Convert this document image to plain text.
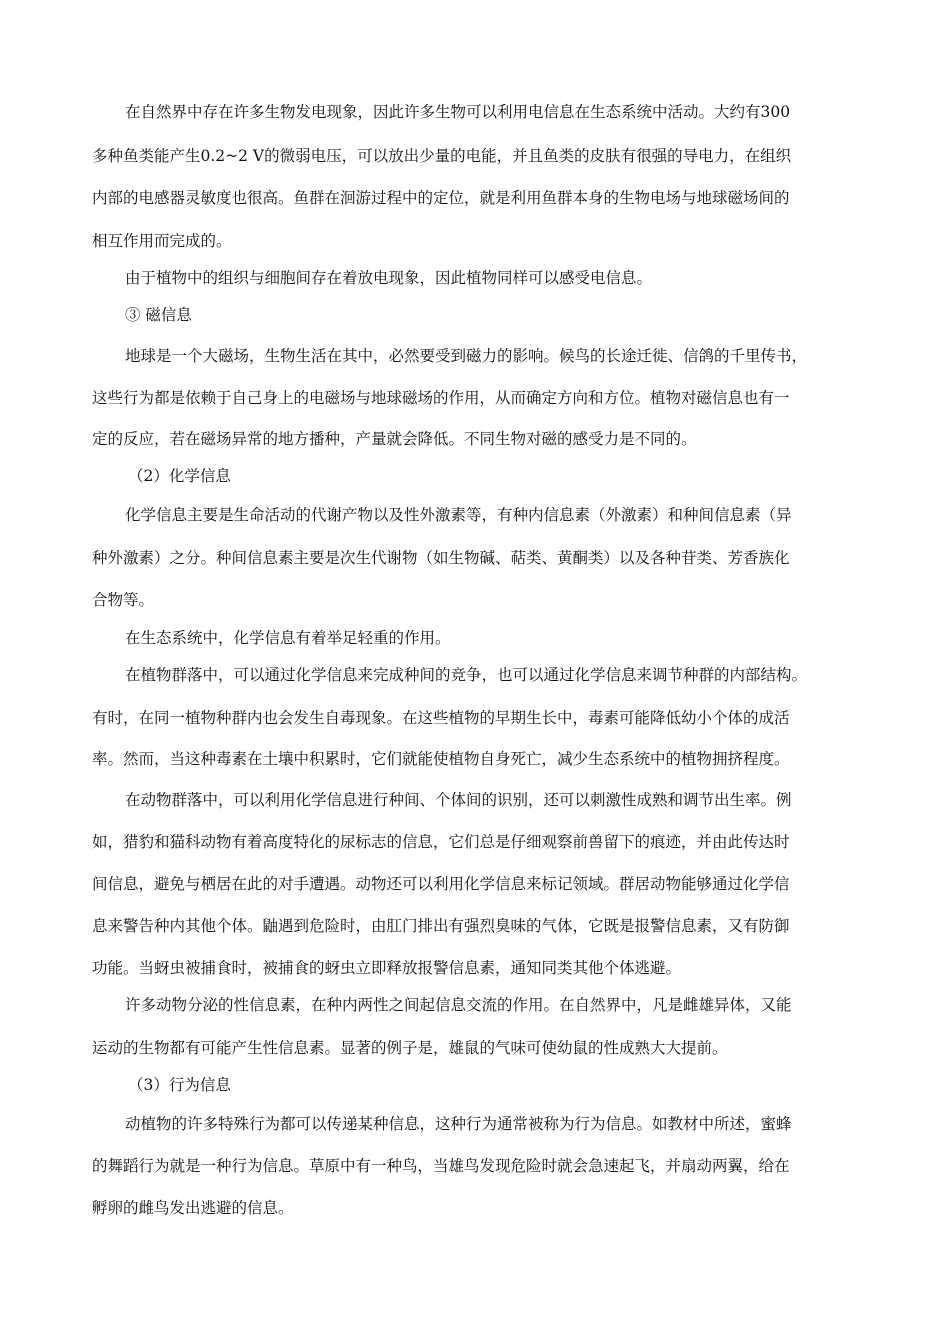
在自然界中存在许多生物发电现象，因此许多生物可以利用电信息在生态系统中活动。大约有300
多种鱼类能产生0.2~2 V的微弱电压，可以放出少量的电能，并且鱼类的皮肤有很强的导电力，在组织
内部的电感器灵敏度也很高。鱼群在洄游过程中的定位，就是利用鱼群本身的生物电场与地球磁场间的
相互作用而完成的。
由于植物中的组织与细胞间存在着放电现象，因此植物同样可以感受电信息。
③ 磁信息
地球是一个大磁场，生物生活在其中，必然要受到磁力的影响。候鸟的长途迁徙、信鸽的千里传书，
这些行为都是依赖于自己身上的电磁场与地球磁场的作用，从而确定方向和方位。植物对磁信息也有一
定的反应，若在磁场异常的地方播种，产量就会降低。不同生物对磁的感受力是不同的。
（2）化学信息
化学信息主要是生命活动的代谢产物以及性外激素等，有种内信息素（外激素）和种间信息素（异
种外激素）之分。种间信息素主要是次生代谢物（如生物碱、萜类、黄酮类）以及各种苷类、芳香族化
合物等。
在生态系统中，化学信息有着举足轻重的作用。
在植物群落中，可以通过化学信息来完成种间的竞争，也可以通过化学信息来调节种群的内部结构。
有时，在同一植物种群内也会发生自毒现象。在这些植物的早期生长中，毒素可能降低幼小个体的成活
率。然而，当这种毒素在土壤中积累时，它们就能使植物自身死亡，减少生态系统中的植物拥挤程度。
在动物群落中，可以利用化学信息进行种间、个体间的识别，还可以刺激性成熟和调节出生率。例
如，猎豹和猫科动物有着高度特化的尿标志的信息，它们总是仔细观察前兽留下的痕迹，并由此传达时
间信息，避免与栖居在此的对手遭遇。动物还可以利用化学信息来标记领域。群居动物能够通过化学信
息来警告种内其他个体。鼬遇到危险时，由肛门排出有强烈臭味的气体，它既是报警信息素，又有防御
功能。当蚜虫被捕食时，被捕食的蚜虫立即释放报警信息素，通知同类其他个体逃避。
许多动物分泌的性信息素，在种内两性之间起信息交流的作用。在自然界中，凡是雌雄异体，又能
运动的生物都有可能产生性信息素。显著的例子是，雄鼠的气味可使幼鼠的性成熟大大提前。
（3）行为信息
动植物的许多特殊行为都可以传递某种信息，这种行为通常被称为行为信息。如教材中所述，蜜蜂
的舞蹈行为就是一种行为信息。草原中有一种鸟，当雄鸟发现危险时就会急速起飞，并扇动两翼，给在
孵卵的雌鸟发出逃避的信息。
